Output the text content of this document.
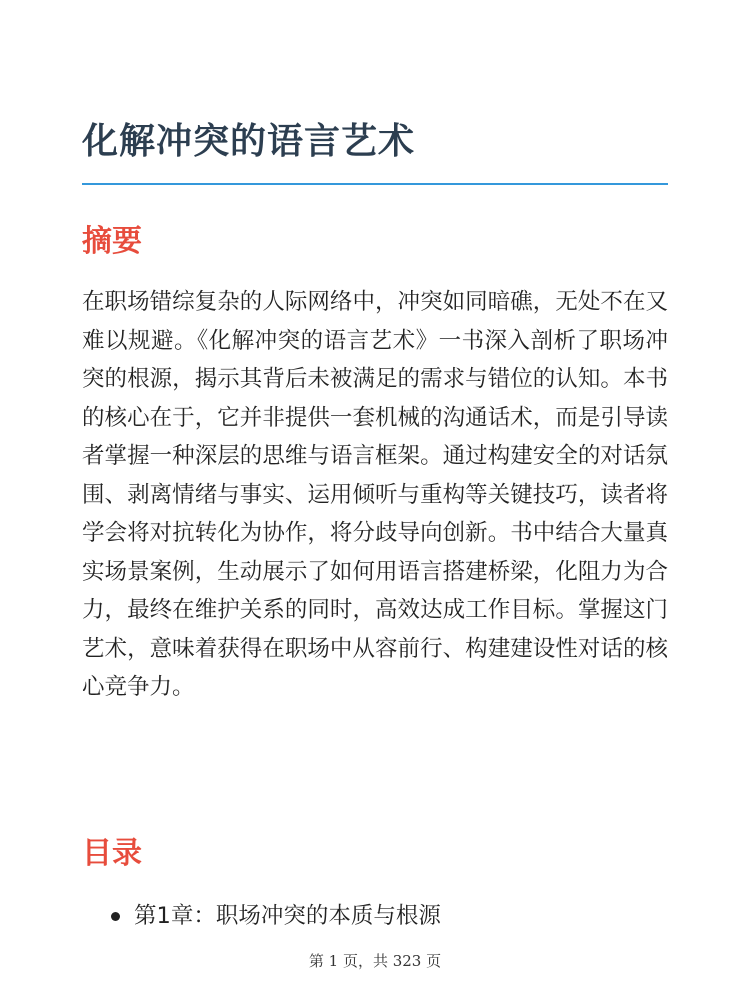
化解冲突的语言艺术
摘要

在职场错综复杂的人际网络中，冲突如同暗礁，无处不在又难以规避。《化解冲突的语言艺术》一书深入剖析了职场冲突的根源，揭示其背后未被满足的需求与错位的认知。本书的核心在于，它并非提供一套机械的沟通话术，而是引导读者掌握一种深层的思维与语言框架。通过构建安全的对话氛围、剥离情绪与事实、运用倾听与重构等关键技巧，读者将学会将对抗转化为协作，将分歧导向创新。书中结合大量真实场景案例，生动展示了如何用语言搭建桥梁，化阻力为合力，最终在维护关系的同时，高效达成工作目标。掌握这门艺术，意味着获得在职场中从容前行、构建建设性对话的核心竞争力。

目录
第1章：职场冲突的本质与根源
第 1 页，共 323 页
